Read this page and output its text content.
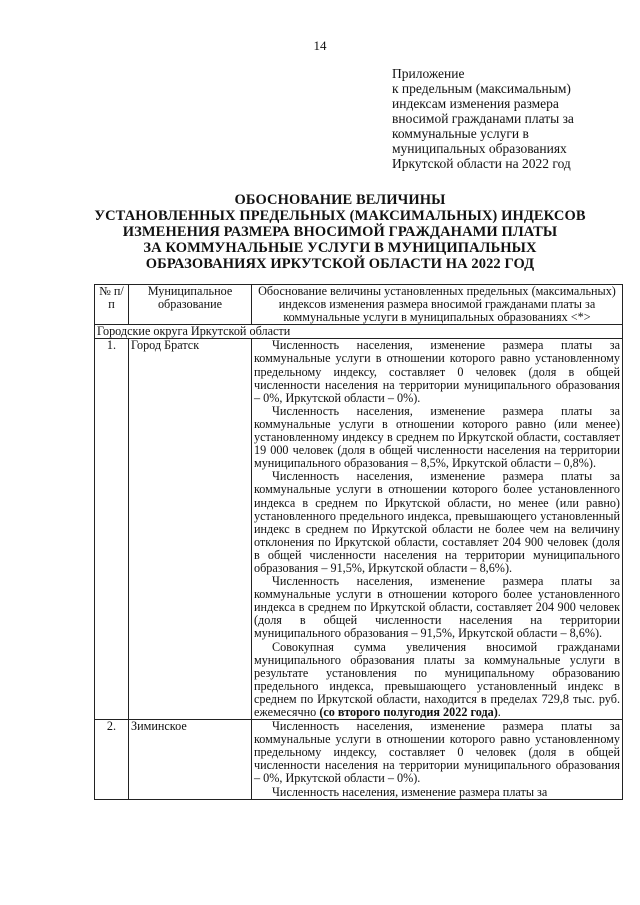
14
Приложение
к предельным (максимальным)
индексам изменения размера
вносимой гражданами платы за
коммунальные услуги в
муниципальных образованиях
Иркутской области на 2022 год
ОБОСНОВАНИЕ ВЕЛИЧИНЫ
УСТАНОВЛЕННЫХ ПРЕДЕЛЬНЫХ (МАКСИМАЛЬНЫХ) ИНДЕКСОВ
ИЗМЕНЕНИЯ РАЗМЕРА ВНОСИМОЙ ГРАЖДАНАМИ ПЛАТЫ
ЗА КОММУНАЛЬНЫЕ УСЛУГИ В МУНИЦИПАЛЬНЫХ
ОБРАЗОВАНИЯХ ИРКУТСКОЙ ОБЛАСТИ НА 2022 ГОД
№ п/п	Муниципальное образование	Обоснование величины установленных предельных (максимальных) индексов изменения размера вносимой гражданами платы за коммунальные услуги в муниципальных образованиях <*>
Городские округа Иркутской области		
1.	Город Братск	Численность населения, изменение размера платы за коммунальные услуги в отношении которого равно установленному предельному индексу, составляет 0 человек (доля в общей численности населения на территории муниципального образования – 0%, Иркутской области – 0%).
Численность населения, изменение размера платы за коммунальные услуги в отношении которого равно (или менее) установленному индексу в среднем по Иркутской области, составляет 19 000 человек (доля в общей численности населения на территории муниципального образования – 8,5%, Иркутской области – 0,8%).
Численность населения, изменение размера платы за коммунальные услуги в отношении которого более установленного индекса в среднем по Иркутской области, но менее (или равно) установленного предельного индекса, превышающего установленный индекс в среднем по Иркутской области не более чем на величину отклонения по Иркутской области, составляет 204 900 человек (доля в общей численности населения на территории муниципального образования – 91,5%, Иркутской области – 8,6%).
Численность населения, изменение размера платы за коммунальные услуги в отношении которого более установленного индекса в среднем по Иркутской области, составляет 204 900 человек (доля в общей численности населения на территории муниципального образования – 91,5%, Иркутской области – 8,6%).
Совокупная сумма увеличения вносимой гражданами муниципального образования платы за коммунальные услуги в результате установления по муниципальному образованию предельного индекса, превышающего установленный индекс в среднем по Иркутской области, находится в пределах 729,8 тыс. руб. ежемесячно (со второго полугодия 2022 года).

2.	Зиминское	Численность населения, изменение размера платы за коммунальные услуги в отношении которого равно установленному предельному индексу, составляет 0 человек (доля в общей численности населения на территории муниципального образования – 0%, Иркутской области – 0%).
Численность населения, изменение размера платы за
